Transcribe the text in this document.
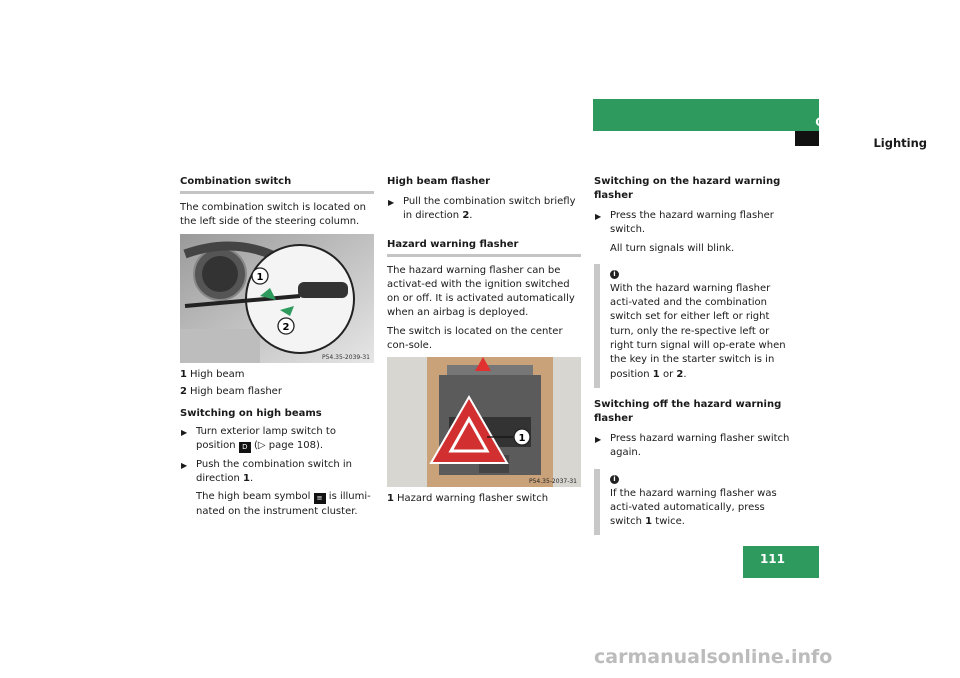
Controls in detail
Lighting
Combination switch

The combination switch is located on the left side of the steering column.

1
2
P54.35-2039-31
1 High beam
2 High beam flasher
Switching on high beams
▶ Turn exterior lamp switch to position D (▷ page 108).
▶ Push the combination switch in direction 1.
The high beam symbol ≡ is illumi-nated on the instrument cluster.
High beam flasher
▶ Pull the combination switch briefly in direction 2.
Hazard warning flasher

The hazard warning flasher can be activat-ed with the ignition switched on or off. It is activated automatically when an airbag is deployed.

The switch is located on the center con-sole.

1
P54.35-2037-31
1 Hazard warning flasher switch
Switching on the hazard warning flasher
▶ Press the hazard warning flasher switch.
All turn signals will blink.
i
With the hazard warning flasher acti-vated and the combination switch set for either left or right turn, only the re-spective left or right turn signal will op-erate when the key in the starter switch is in position 1 or 2.
Switching off the hazard warning flasher
▶ Press hazard warning flasher switch again.
i
If the hazard warning flasher was acti-vated automatically, press switch 1 twice.
111
carmanualsonline.info
